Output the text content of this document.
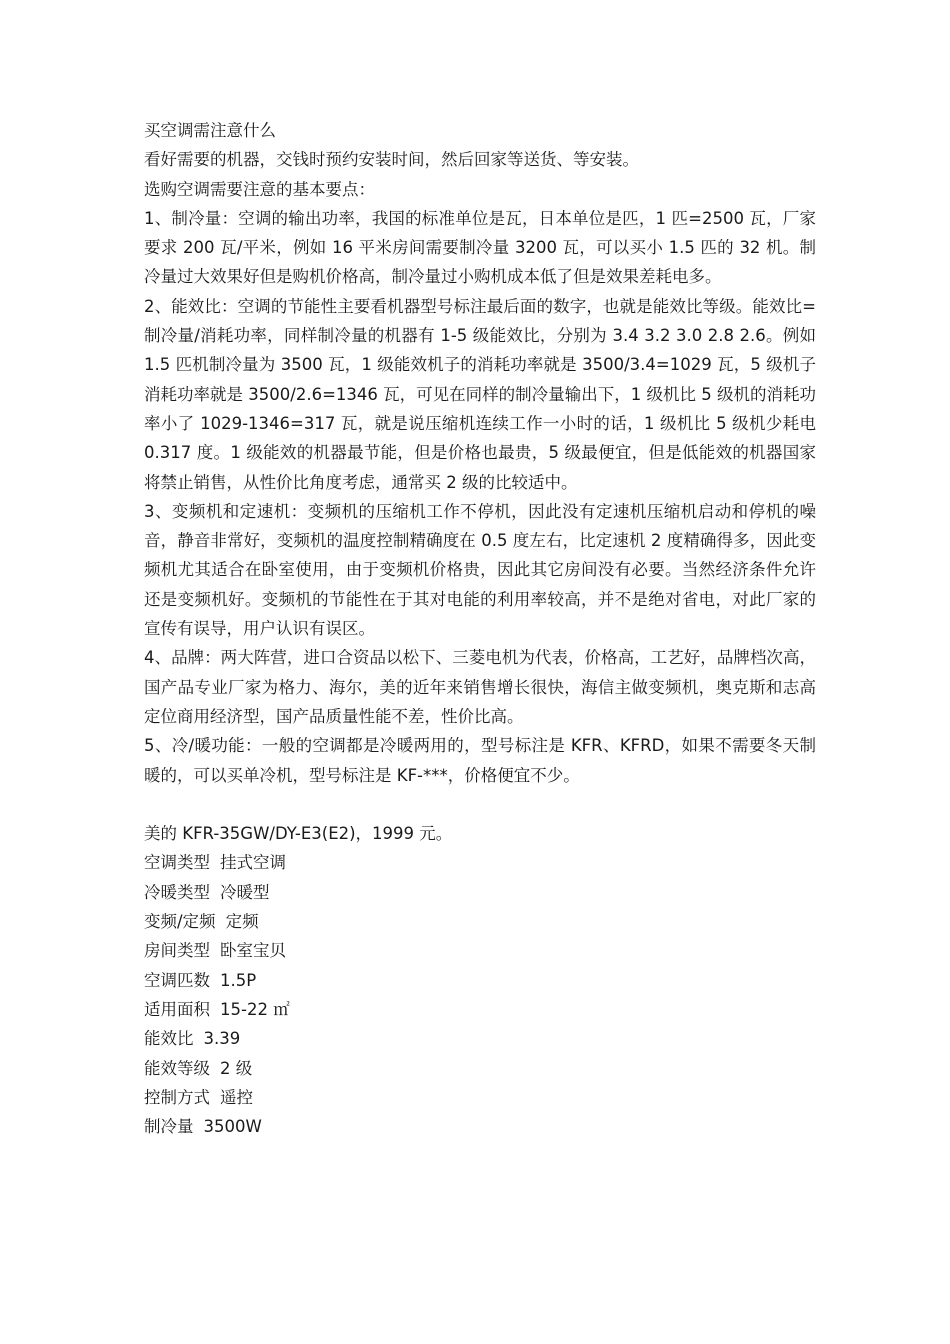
买空调需注意什么

看好需要的机器，交钱时预约安装时间，然后回家等送货、等安装。

选购空调需要注意的基本要点：

1、制冷量：空调的输出功率，我国的标准单位是瓦，日本单位是匹，1 匹=2500 瓦，厂家要求 200 瓦/平米，例如 16 平米房间需要制冷量 3200 瓦，可以买小 1.5 匹的 32 机。制冷量过大效果好但是购机价格高，制冷量过小购机成本低了但是效果差耗电多。

2、能效比：空调的节能性主要看机器型号标注最后面的数字，也就是能效比等级。能效比=制冷量/消耗功率，同样制冷量的机器有 1-5 级能效比，分别为 3.4 3.2 3.0 2.8 2.6。例如 1.5 匹机制冷量为 3500 瓦，1 级能效机子的消耗功率就是 3500/3.4=1029 瓦，5 级机子消耗功率就是 3500/2.6=1346 瓦，可见在同样的制冷量输出下，1 级机比 5 级机的消耗功率小了 1029-1346=317 瓦，就是说压缩机连续工作一小时的话，1 级机比 5 级机少耗电 0.317 度。1 级能效的机器最节能，但是价格也最贵，5 级最便宜，但是低能效的机器国家将禁止销售，从性价比角度考虑，通常买 2 级的比较适中。

3、变频机和定速机：变频机的压缩机工作不停机，因此没有定速机压缩机启动和停机的噪音，静音非常好，变频机的温度控制精确度在 0.5 度左右，比定速机 2 度精确得多，因此变频机尤其适合在卧室使用，由于变频机价格贵，因此其它房间没有必要。当然经济条件允许还是变频机好。变频机的节能性在于其对电能的利用率较高，并不是绝对省电，对此厂家的宣传有误导，用户认识有误区。

4、品牌：两大阵营，进口合资品以松下、三菱电机为代表，价格高，工艺好，品牌档次高，国产品专业厂家为格力、海尔，美的近年来销售增长很快，海信主做变频机，奥克斯和志高定位商用经济型，国产品质量性能不差，性价比高。

5、冷/暖功能：一般的空调都是冷暖两用的，型号标注是 KFR、KFRD，如果不需要冬天制暖的，可以买单冷机，型号标注是 KF-***，价格便宜不少。

美的 KFR-35GW/DY-E3(E2)，1999 元。

空调类型 挂式空调

冷暖类型 冷暖型

变频/定频 定频

房间类型 卧室宝贝

空调匹数 1.5P

适用面积 15-22 ㎡

能效比 3.39

能效等级 2 级

控制方式 遥控

制冷量 3500W
